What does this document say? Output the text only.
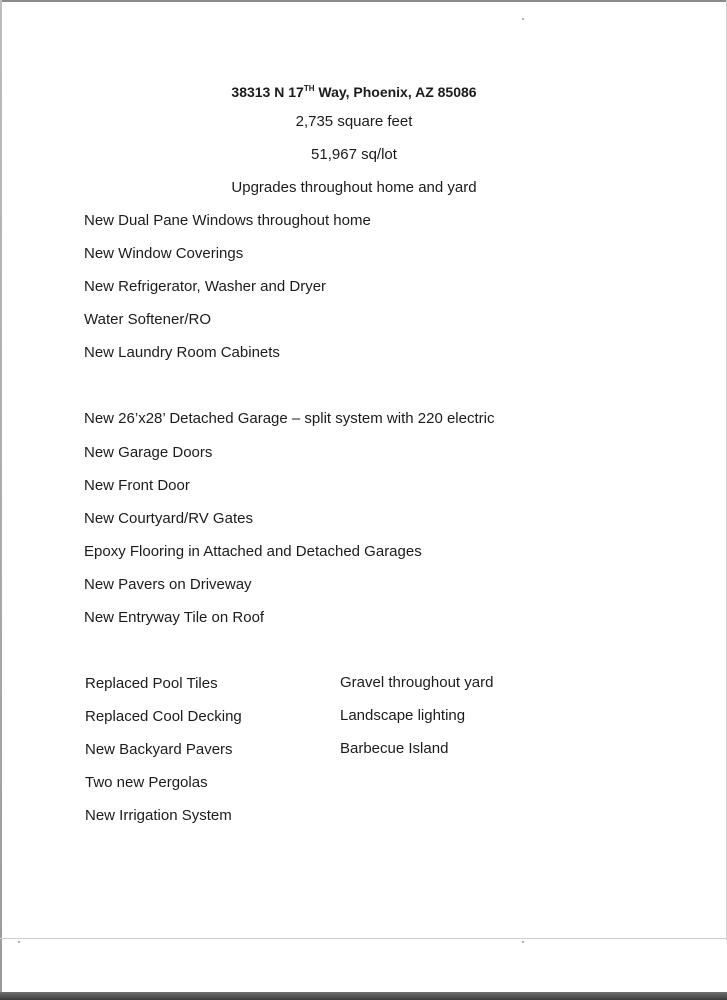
38313 N 17TH Way, Phoenix, AZ 85086
2,735 square feet
51,967 sq/lot
Upgrades throughout home and yard
New Dual Pane Windows throughout home
New Window Coverings
New Refrigerator, Washer and Dryer
Water Softener/RO
New Laundry Room Cabinets
New 26’x28’ Detached Garage – split system with 220 electric
New Garage Doors
New Front Door
New Courtyard/RV Gates
Epoxy Flooring in Attached and Detached Garages
New Pavers on Driveway
New Entryway Tile on Roof
Replaced Pool Tiles
Replaced Cool Decking
New Backyard Pavers
Two new Pergolas
New Irrigation System
Gravel throughout yard
Landscape lighting
Barbecue Island
